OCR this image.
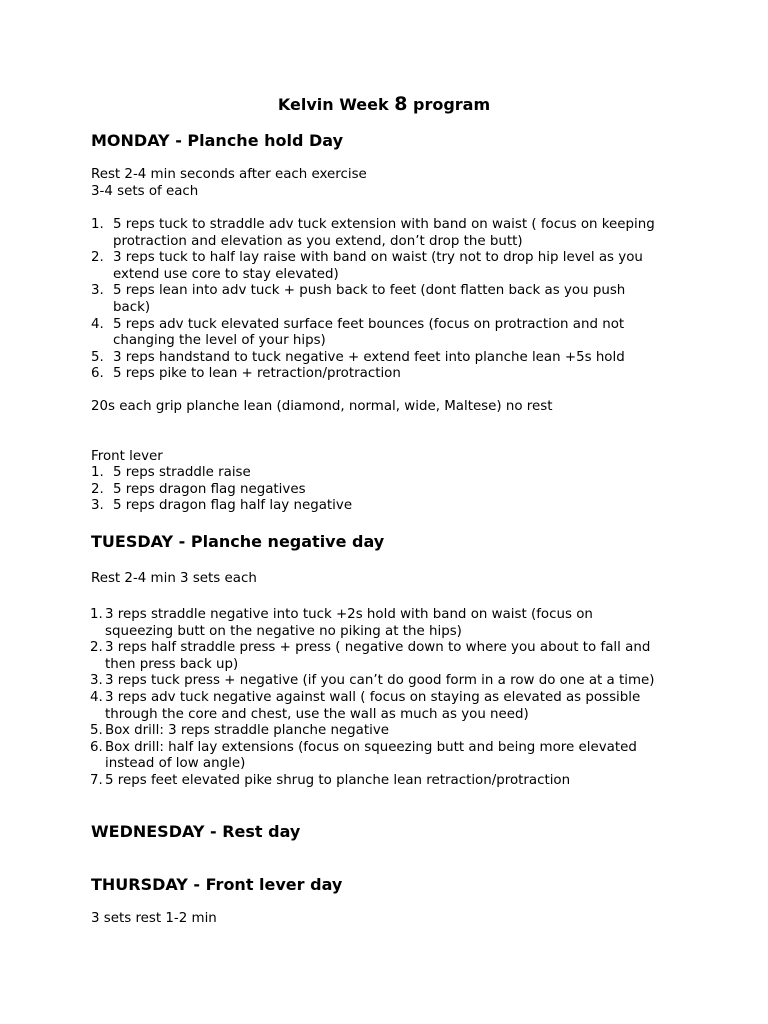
Kelvin Week 8 program
MONDAY - Planche hold Day
Rest 2-4 min seconds after each exercise
3-4 sets of each
1. 5 reps tuck to straddle adv tuck extension with band on waist ( focus on keeping
protraction and elevation as you extend, don’t drop the butt)
2. 3 reps tuck to half lay raise with band on waist (try not to drop hip level as you
extend use core to stay elevated)
3. 5 reps lean into adv tuck + push back to feet (dont flatten back as you push
back)
4. 5 reps adv tuck elevated surface feet bounces (focus on protraction and not
changing the level of your hips)
5. 3 reps handstand to tuck negative + extend feet into planche lean +5s hold
6. 5 reps pike to lean + retraction/protraction
20s each grip planche lean (diamond, normal, wide, Maltese) no rest
Front lever
1. 5 reps straddle raise
2. 5 reps dragon flag negatives
3. 5 reps dragon flag half lay negative
TUESDAY - Planche negative day
Rest 2-4 min 3 sets each
1. 3 reps straddle negative into tuck +2s hold with band on waist (focus on
squeezing butt on the negative no piking at the hips)
2. 3 reps half straddle press + press ( negative down to where you about to fall and
then press back up)
3. 3 reps tuck press + negative (if you can’t do good form in a row do one at a time)
4. 3 reps adv tuck negative against wall ( focus on staying as elevated as possible
through the core and chest, use the wall as much as you need)
5. Box drill: 3 reps straddle planche negative
6. Box drill: half lay extensions (focus on squeezing butt and being more elevated
instead of low angle)
7. 5 reps feet elevated pike shrug to planche lean retraction/protraction
WEDNESDAY - Rest day
THURSDAY - Front lever day
3 sets rest 1-2 min
